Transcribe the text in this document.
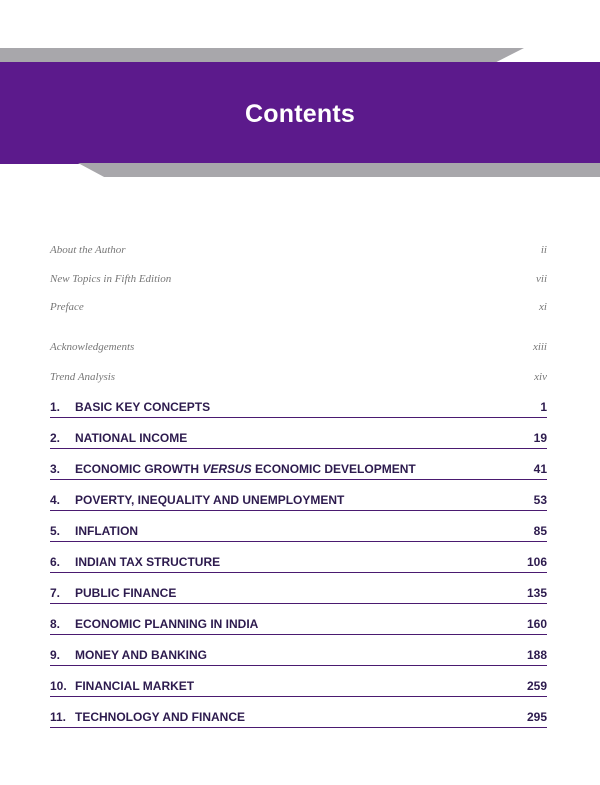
Contents
About the Author	ii
New Topics in Fifth Edition	vii
Preface	xi
Acknowledgements	xiii
Trend Analysis	xiv
1.	BASIC KEY CONCEPTS	1
2.	NATIONAL INCOME	19
3.	ECONOMIC GROWTH VERSUS ECONOMIC DEVELOPMENT	41
4.	POVERTY, INEQUALITY AND UNEMPLOYMENT	53
5.	INFLATION	85
6.	INDIAN TAX STRUCTURE	106
7.	PUBLIC FINANCE	135
8.	ECONOMIC PLANNING IN INDIA	160
9.	MONEY AND BANKING	188
10. FINANCIAL MARKET	259
11. TECHNOLOGY AND FINANCE	295
